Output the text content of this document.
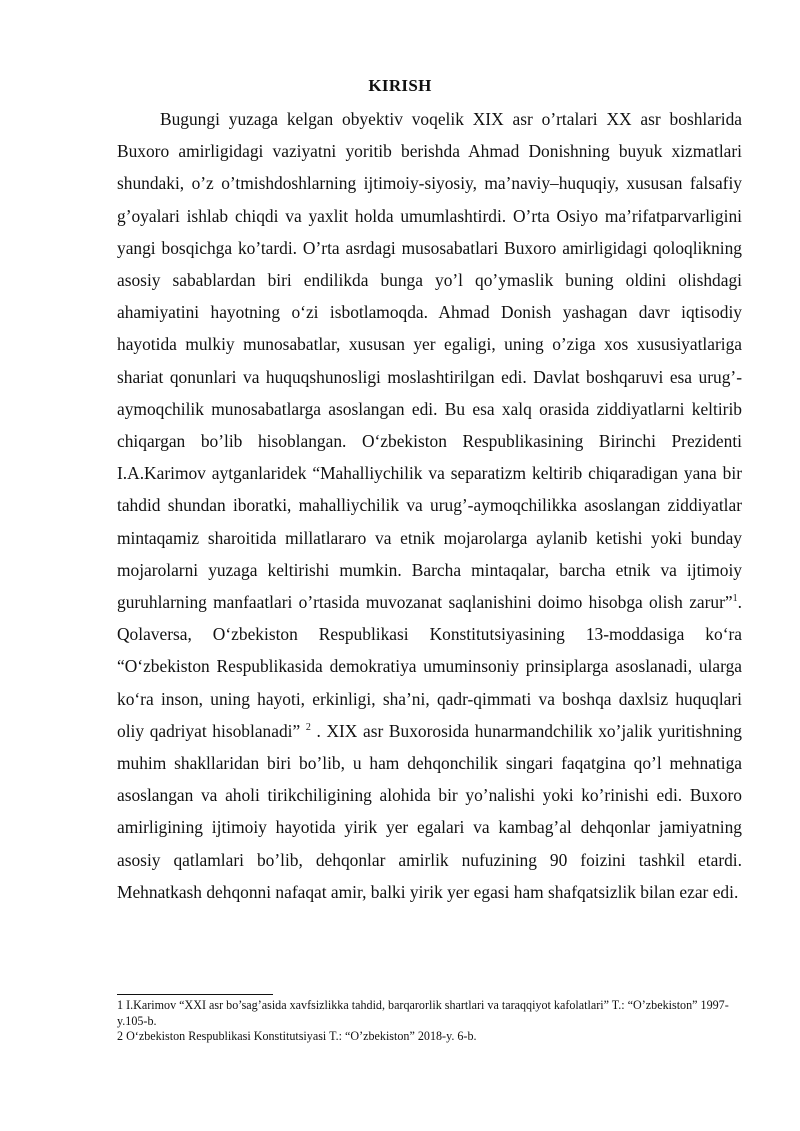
KIRISH

Bugungi yuzaga kelgan obyektiv voqelik XIX asr o’rtalari XX asr boshlarida Buxoro amirligidagi vaziyatni yoritib berishda Ahmad Donishning buyuk xizmatlari shundaki, o’z o’tmishdoshlarning ijtimoiy-siyosiy, ma’naviy–huquqiy, xususan falsafiy g’oyalari ishlab chiqdi va yaxlit holda umumlashtirdi. O’rta Osiyo ma’rifatparvarligini yangi bosqichga ko’tardi. O’rta asrdagi musosabatlari Buxoro amirligidagi qoloqlikning asosiy sabablardan biri endilikda bunga yo’l qo’ymaslik buning oldini olishdagi ahamiyatini hayotning o‘zi isbotlamoqda. Ahmad Donish yashagan davr iqtisodiy hayotida mulkiy munosabatlar, xususan yer egaligi, uning o’ziga xos xususiyatlariga shariat qonunlari va huquqshunosligi moslashtirilgan edi. Davlat boshqaruvi esa urug’-aymoqchilik munosabatlarga asoslangan edi. Bu esa xalq orasida ziddiyatlarni keltirib chiqargan bo’lib hisoblangan. O‘zbekiston Respublikasining Birinchi Prezidenti I.A.Karimov aytganlaridek “Mahalliychilik va separatizm keltirib chiqaradigan yana bir tahdid shundan iboratki, mahalliychilik va urug’-aymoqchilikka asoslangan ziddiyatlar mintaqamiz sharoitida millatlararo va etnik mojarolarga aylanib ketishi yoki bunday mojarolarni yuzaga keltirishi mumkin. Barcha mintaqalar, barcha etnik va ijtimoiy guruhlarning manfaatlari o’rtasida muvozanat saqlanishini doimo hisobga olish zarur”$^1$. Qolaversa, O‘zbekiston Respublikasi Konstitutsiyasining 13-moddasiga ko‘ra “O‘zbekiston Respublikasida demokratiya umuminsoniy prinsiplarga asoslanadi, ularga ko‘ra inson, uning hayoti, erkinligi, sha’ni, qadr-qimmati va boshqa daxlsiz huquqlari oliy qadriyat hisoblanadi” $^2$ . XIX asr Buxorosida hunarmandchilik xo’jalik yuritishning muhim shakllaridan biri bo’lib, u ham dehqonchilik singari faqatgina qo’l mehnatiga asoslangan va aholi tirikchiligining alohida bir yo’nalishi yoki ko’rinishi edi. Buxoro amirligining ijtimoiy hayotida yirik yer egalari va kambag’al dehqonlar jamiyatning asosiy qatlamlari bo’lib, dehqonlar amirlik nufuzining 90 foizini tashkil etardi. Mehnatkash dehqonni nafaqat amir, balki yirik yer egasi ham shafqatsizlik bilan ezar edi.

1 I.Karimov “XXI asr bo’sag’asida xavfsizlikka tahdid, barqarorlik shartlari va taraqqiyot kafolatlari” T.: “O’zbekiston” 1997-y.105-b.

2 O‘zbekiston Respublikasi Konstitutsiyasi T.: “O’zbekiston” 2018-y. 6-b.
